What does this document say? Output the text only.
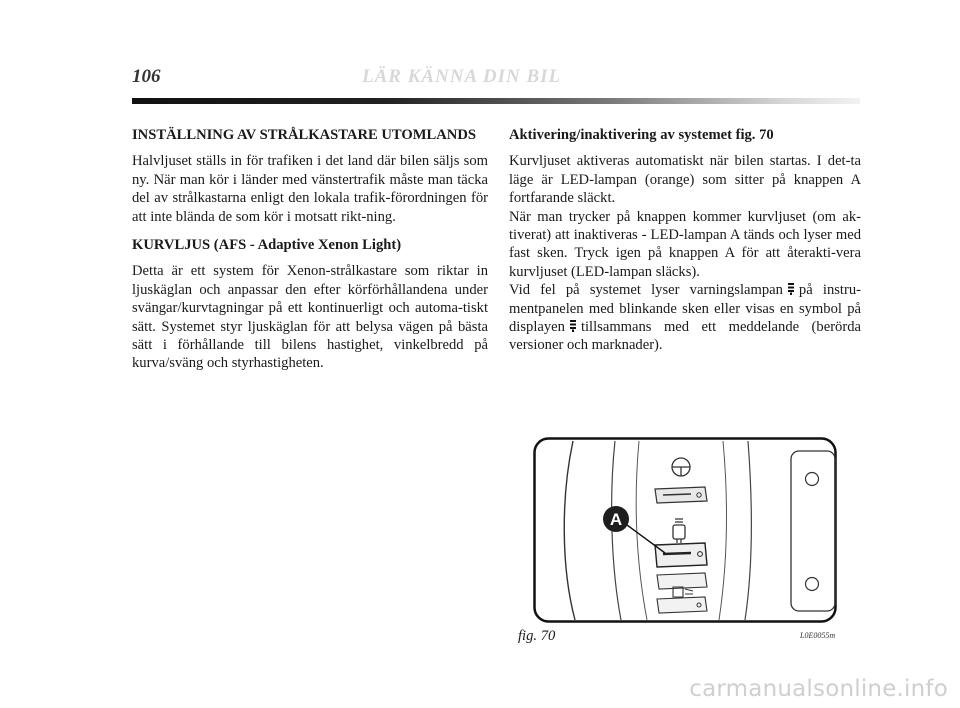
106	LÄR KÄNNA DIN BIL
INSTÄLLNING AV STRÅLKASTARE UTOMLANDS

Halvljuset ställs in för trafiken i det land där bilen säljs som ny. När man kör i länder med vänstertrafik måste man täcka del av strålkastarna enligt den lokala trafik-förordningen för att inte blända de som kör i motsatt rikt-ning.

KURVLJUS (AFS - Adaptive Xenon Light)

Detta är ett system för Xenon-strålkastare som riktar in ljuskäglan och anpassar den efter körförhållandena under svängar/kurvtagningar på ett kontinuerligt och automa-tiskt sätt. Systemet styr ljuskäglan för att belysa vägen på bästa sätt i förhållande till bilens hastighet, vinkelbredd på kurva/sväng och styrhastigheten.

Aktivering/inaktivering av systemet fig. 70

Kurvljuset aktiveras automatiskt när bilen startas. I det-ta läge är LED-lampan (orange) som sitter på knappen A fortfarande släckt.

När man trycker på knappen kommer kurvljuset (om ak-tiverat) att inaktiveras - LED-lampan A tänds och lyser med fast sken. Tryck igen på knappen A för att återakti-vera kurvljuset (LED-lampan släcks).

Vid fel på systemet lyser varningslampan på instru-mentpanelen med blinkande sken eller visas en symbol på displayen tillsammans med ett meddelande (berörda versioner och marknader).

A
fig. 70	L0E0055m
carmanualsonline.info
